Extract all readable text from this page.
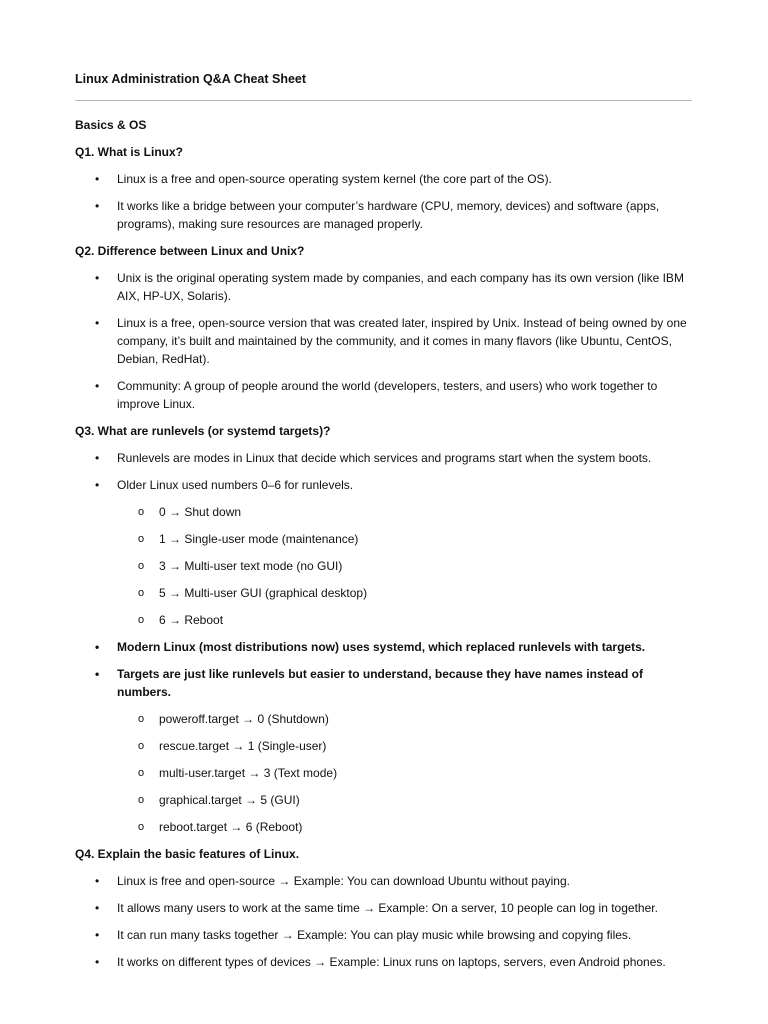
Linux Administration Q&A Cheat Sheet
Basics & OS
Q1. What is Linux?
• Linux is a free and open-source operating system kernel (the core part of the OS).
• It works like a bridge between your computer’s hardware (CPU, memory, devices) and software (apps, programs), making sure resources are managed properly.
Q2. Difference between Linux and Unix?
• Unix is the original operating system made by companies, and each company has its own version (like IBM AIX, HP-UX, Solaris).
• Linux is a free, open-source version that was created later, inspired by Unix. Instead of being owned by one company, it’s built and maintained by the community, and it comes in many flavors (like Ubuntu, CentOS, Debian, RedHat).
• Community: A group of people around the world (developers, testers, and users) who work together to improve Linux.
Q3. What are runlevels (or systemd targets)?
• Runlevels are modes in Linux that decide which services and programs start when the system boots.
• Older Linux used numbers 0–6 for runlevels.
o 0 → Shut down
o 1 → Single-user mode (maintenance)
o 3 → Multi-user text mode (no GUI)
o 5 → Multi-user GUI (graphical desktop)
o 6 → Reboot
• Modern Linux (most distributions now) uses systemd, which replaced runlevels with targets.
• Targets are just like runlevels but easier to understand, because they have names instead of numbers.
o poweroff.target → 0 (Shutdown)
o rescue.target → 1 (Single-user)
o multi-user.target → 3 (Text mode)
o graphical.target → 5 (GUI)
o reboot.target → 6 (Reboot)
Q4. Explain the basic features of Linux.
• Linux is free and open-source → Example: You can download Ubuntu without paying.
• It allows many users to work at the same time → Example: On a server, 10 people can log in together.
• It can run many tasks together → Example: You can play music while browsing and copying files.
• It works on different types of devices → Example: Linux runs on laptops, servers, even Android phones.
